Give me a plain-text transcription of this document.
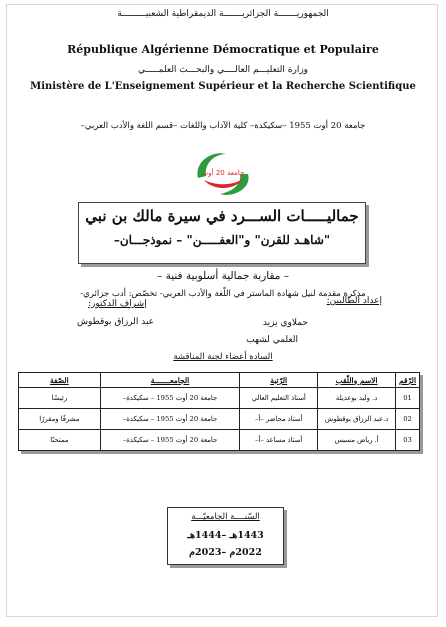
الجمهوريـــــــة الجزائريـــــــة الديمقراطية الشعبيـــــــــة
République Algérienne Démocratique et Populaire
وزارة التعليـــم العالــــي والبحـــث العلمـــــي
Ministère de L'Enseignement Supérieur et la Recherche Scientifique
جامعة 20 أوت 1955 –سكيكدة– كلية الآداب واللغات –قسم اللغة والأدب العربي–
جامعة 20 أوت
جماليـــــات الســـرد في سيرة مالك بن نبي
"شاهـد للقرن" و"العفـــــن" – نموذجـــان–
– مقاربة جمالية أسلوبية فنية –
مذكرة مقدمة لنيل شهادة الماستر في اللّغة والأدب العربي- تخصّص: أدب جزائري-
إعداد الطالبين:
إشراف الدكتور:
حملاوي يزيد
العلمي لشهب
عبد الرزاق بوقطوش
السادة أعضاء لجنة المناقشة
الرّقم	الاسم واللّقب	الرّتبة	الجامعـــــــة	الصّفة
01	د. وليد بوعديلة	أستاذ التعليم العالي	جامعة 20 أوت 1955 – سكيكدة–	رئيسًا
02	د.عبد الرزاق بوقطوش	أستاذ محاضر –أ–	جامعة 20 أوت 1955 – سكيكدة–	مشرفًا ومقررًا
03	أ. رياض مسيس	أستاذ مساعد –أ–	جامعة 20 أوت 1955 – سكيكدة–	ممتحنًا
السّنــــة الجامعيّـــة
1443هـ –1444هـ
2022م –2023م
